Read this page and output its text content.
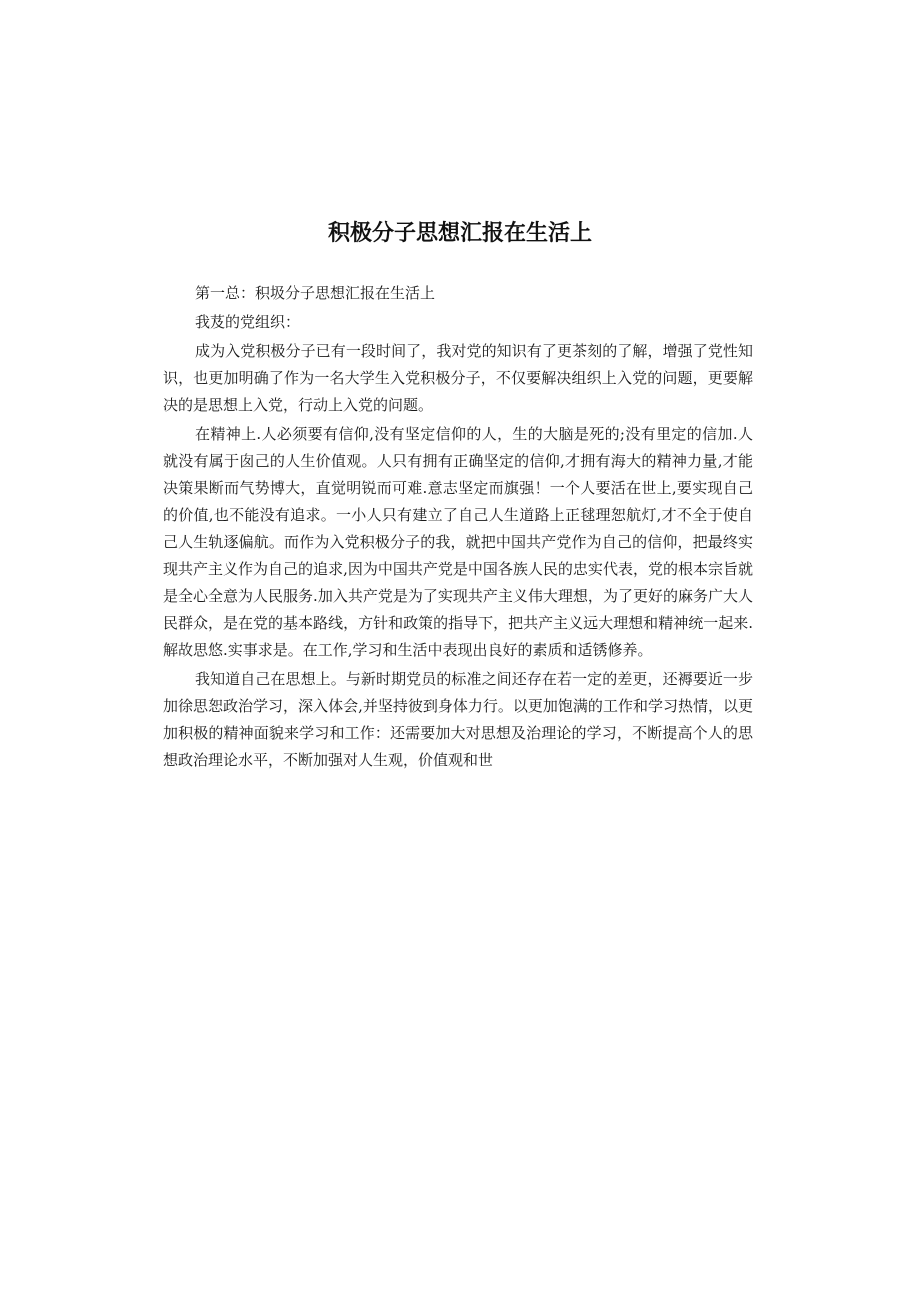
积极分子思想汇报在生活上

第一总：积圾分子思想汇报在生活上

我芨的党组织：

成为入党积极分子已有一段时间了，我对党的知识有了更茶刻的了解，增强了党性知识，也更加明确了作为一名大学生入党积极分子，不仅要解决组织上入党的问题，更要解决的是思想上入党，行动上入党的问题。

在精神上.人必须要有信仰,没有坚定信仰的人，生的大脑是死的;没有里定的信加.人就没有属于囱己的人生价值观。人只有拥有正确坚定的信仰,才拥有海大的精神力量,才能决策果断而气势博大，直觉明锐而可难.意志坚定而旗强！一个人要活在世上,要实现自己的价值,也不能没有追求。一小人只有建立了自己人生道路上正毬理恕航灯,才不全于使自己人生轨逐偏航。而作为入党积极分子的我，就把中国共产党作为自己的信仰，把最终实现共产主义作为自己的追求,因为中国共产党是中国各族人民的忠实代表，党的根本宗旨就是全心全意为人民服务.加入共产党是为了实现共产主义伟大理想，为了更好的麻务广大人民群众，是在党的基本路线，方针和政策的指导下，把共产主义远大理想和精神统一起来.解故思悠.实事求是。在工作,学习和生活中表现出良好的素质和适锈修养。

我知道自己在思想上。与新时期党员的标准之间还存在若一定的差更，还褥要近一步加徐思恕政治学习，深入体会,并坚持彼到身体力行。以更加饱满的工作和学习热情，以更加积极的精神面貌来学习和工作：还需要加大对思想及治理论的学习，不断提高个人的思想政治理论水平，不断加强对人生观，价值观和世
